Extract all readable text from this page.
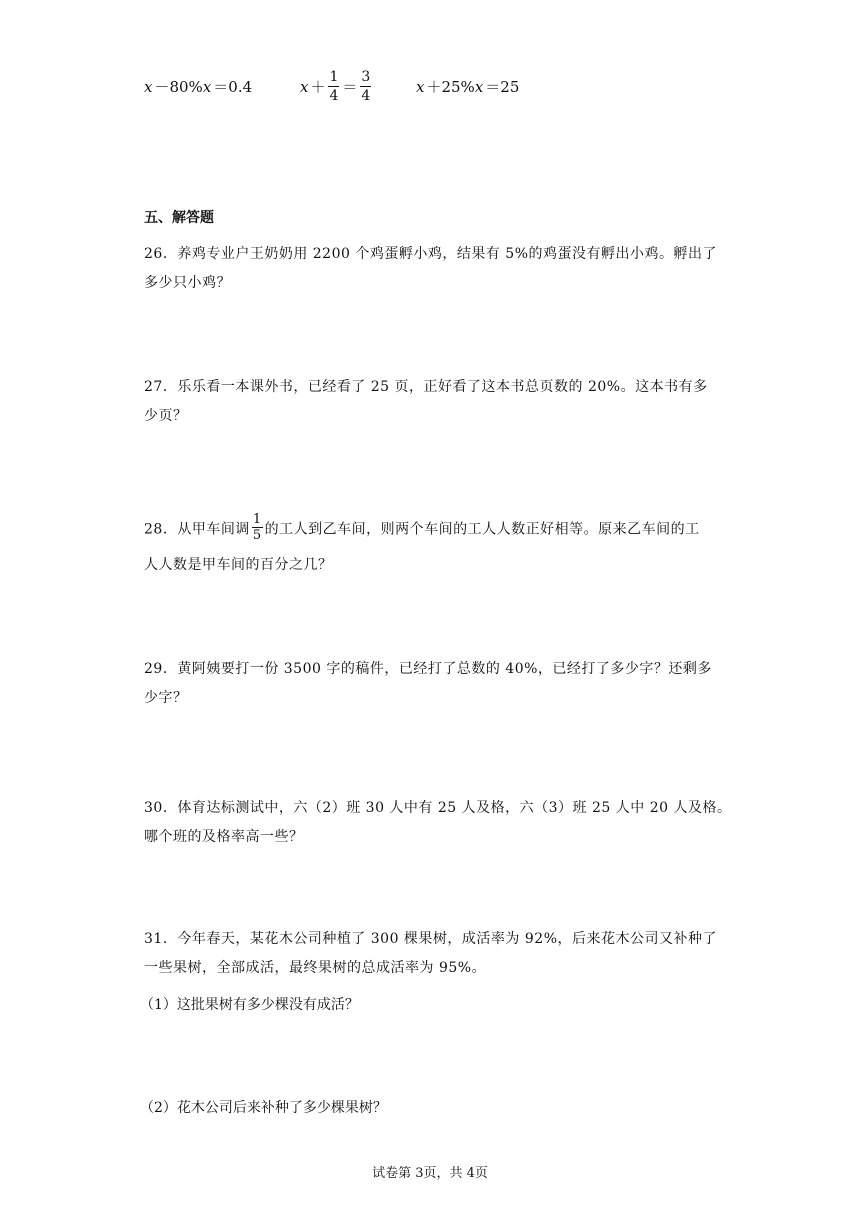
x －80% x ＝0.4	$x + \frac{1}{4} = \frac{3}{4}$	x ＋25% x ＝25
五、解答题
26．养鸡专业户王奶奶用 2200 个鸡蛋孵小鸡，结果有 5%的鸡蛋没有孵出小鸡。孵出了
多少只小鸡？
27．乐乐看一本课外书，已经看了 25 页，正好看了这本书总页数的 20%。这本书有多
少页？
28．从甲车间调 $\frac{1}{5}$ 的工人到乙车间，则两个车间的工人人数正好相等。原来乙车间的工
人人数是甲车间的百分之几？
29．黄阿姨要打一份 3500 字的稿件，已经打了总数的 40%，已经打了多少字？还剩多
少字？
30．体育达标测试中，六（2）班 30 人中有 25 人及格，六（3）班 25 人中 20 人及格。
哪个班的及格率高一些？
31．今年春天，某花木公司种植了 300 棵果树，成活率为 92%，后来花木公司又补种了
一些果树，全部成活，最终果树的总成活率为 95%。
（1）这批果树有多少棵没有成活？
（2）花木公司后来补种了多少棵果树？
试卷第 3页，共 4页
